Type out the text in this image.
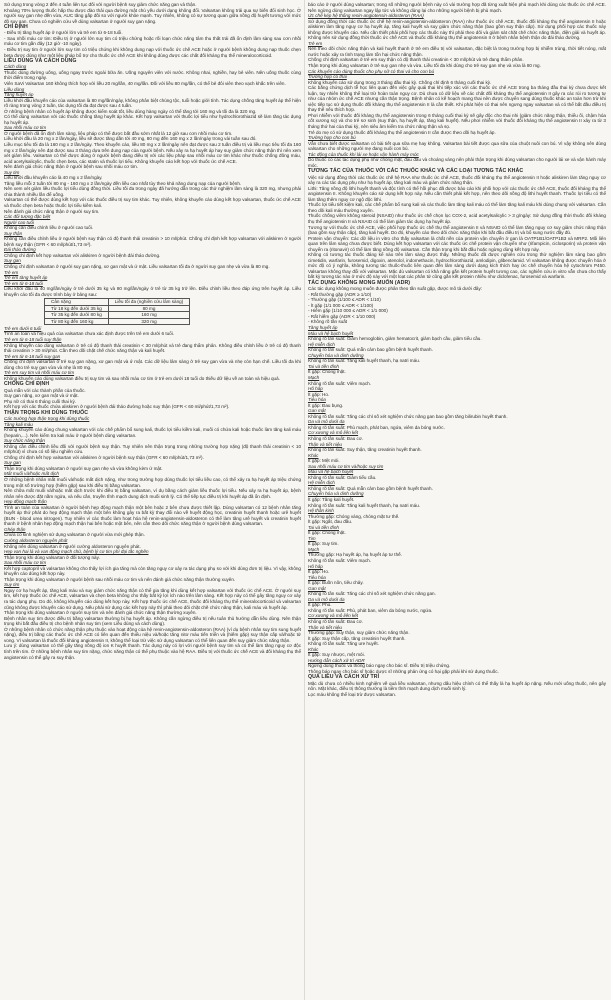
Sử dụng trong vòng 2 đến 4 tuần liên tục đối với người bệnh suy giảm chức năng gan và thận.

Khoảng 70% lượng thuốc hấp thu được đào thải qua đường mật chủ yếu dưới dạng không đổi. Valsartan không trải qua sự biến đổi sinh học. Ở người suy gan nhẹ đến vừa, AUC tăng gấp đôi so với người khỏe mạnh. Tuy nhiên, không có sự tương quan giữa nồng độ huyết tương với mức độ suy gan. Chưa có nghiên cứu về dùng valsartan ở người suy gan nặng.

CHỈ ĐỊNH

- Điều trị tăng huyết áp ở người lớn và trẻ em từ 6-18 tuổi.

- Sau nhồi máu cơ tim: Điều trị ở người lớn suy tim có triệu chứng hoặc rối loạn chức năng tâm thu thất trái đã ổn định lâm sàng sau cơn nhồi máu cơ tim gần đây (12 giờ -10 ngày).

- Điều trị suy tim ở người lớn suy tim có triệu chứng khi không dung nạp với thuốc ức chế ACE hoặc ở người bệnh không dung nạp thuốc chẹn beta được dùng như một liệu pháp bổ trợ cho thuốc ức chế ACE khi không dùng được các chất đối kháng thụ thể mineralocorticoid.

LIỀU DÙNG VÀ CÁCH DÙNG

Cách dùng

Thuốc dùng đường uống, uống ngay trước ngoài bữa ăn. Uống nguyên viên với nước. Không nhai, nghiền, hay bẻ viên. Nên uống thuốc cùng thời điểm trong ngày.

Viên SaVi Valsartan 160 không thích hợp với liều 20 mg/lần, 40 mg/lần. Đối với liều 80 mg/lần, có thể bẻ đôi viên theo vạch khắc trên viên.

Liều dùng

Tăng huyết áp

Liều khởi đầu khuyến cáo của valsartan là 80 mg/lần/ngày, không phân biệt chủng tộc, tuổi hoặc giới tính. Tác dụng chống tăng huyết áp thể hiện rõ ràng trong vòng 2 tuần, tác dụng tối đa đạt được sau 4 tuần.

Ở những bệnh nhân có huyết áp không được kiểm soát tốt, liều dùng hàng ngày có thể tăng tới 160 mg và tối đa là 320 mg.

Có thể dùng valsartan với các thuốc chống tăng huyết áp khác. Kết hợp valsartan với thuốc lợi tiểu như hydrochlorothiazid sẽ làm tăng tác dụng hạ huyết áp.

Sau nhồi máu cơ tim

Ở người bệnh đã ổn định lâm sàng, liệu pháp có thể được bắt đầu sớm nhất là 12 giờ sau cơn nhồi máu cơ tim.

Liều khởi đầu là 20 mg x 2 lần/ngày, liều sẽ được tăng dần tới 40 mg, 80 mg đến 160 mg x 2 lần/ngày trong vài tuần sau đó.

Liều mục tiêu tối đa là 160 mg x 2 lần/ngày. Theo khuyến cáo, liều 80 mg x 2 lần/ngày nên đạt được sau 2 tuần điều trị và liều mục tiêu tối đa 160 mg x 2 lần/ngày nên đạt được sau 3 tháng dựa trên dung nạp của người bệnh. Nếu xảy ra hạ huyết áp hay suy giảm chức năng thận thì nên xem xét giảm liều. Valsartan có thể được dùng ở người bệnh đang điều trị với các liệu pháp sau nhồi máu cơ tim khác như thuốc chống đông máu, acid acetylsalicylic, thuốc chẹn beta, các statin và thuốc lợi tiểu. Không khuyến cáo kết hợp với thuốc ức chế ACE.

Nên đánh giá chức năng thận ở người bệnh sau nhồi máu cơ tim.

Suy tim

Liều khởi đầu khuyến cáo là 40 mg x 2 lần/ngày.

Tăng liều mỗi 2 tuần tới 80 mg - 160 mg x 2 lần/ngày đến liều cao nhất tùy theo khả năng dung nạp của người bệnh.

Nên xem xét giảm liều thuốc lợi tiểu dùng đồng thời. Liều tối đa trong ngày đã hướng dẫn trong các thử nghiệm lâm sàng là 320 mg, nhưng phải chia thành nhiều lần để uống.

Valsartan có thể được dùng kết hợp với các thuốc điều trị suy tim khác. Tuy nhiên, không khuyến cáo dùng kết hợp valsartan, thuốc ức chế ACE và thuốc chẹn beta hoặc thuốc lợi tiểu kiềm kali.

Nên đánh giá chức năng thận ở người suy tim.

Các đối tượng đặc biệt

Người cao tuổi

Không cần điều chỉnh liều ở người cao tuổi.

Suy thận

Không cần điều chỉnh liều ở người bệnh suy thận có độ thanh thải creatinin > 10 ml/phút. Chống chỉ định kết hợp valsartan với aliskiren ở người bệnh suy thận (GFR < 60 ml/phút/1,73 m²).

Đái tháo đường

Chống chỉ định kết hợp valsartan với aliskiren ở người bệnh đái tháo đường.

Suy gan

Chống chỉ định valsartan ở người suy gan nặng, xơ gan mật và ứ mật. Liều valsartan tối đa ở người suy gan nhẹ và vừa là 80 mg.

Trẻ em

Trẻ em tăng huyết áp

Trẻ em từ 6-18 tuổi

Liều khởi đầu là 40 mg/lần/ngày ở trẻ dưới 35 kg và 80 mg/lần/ngày ở trẻ từ 35 kg trở lên. Điều chỉnh liều theo đáp ứng trên huyết áp. Liều khuyến cáo tối đa được trình bày ở bảng sau:

Cân nặng	Liều tối đa (nghiên cứu lâm sàng)
Từ 18 kg đến dưới 35 kg	80 mg
Từ 35 kg đến dưới 80 kg	160 mg
Từ 80 kg đến 160 kg	320 mg

Trẻ em dưới 6 tuổi

Tính an toàn và hiệu quả của valsartan chưa xác định được trên trẻ em dưới 6 tuổi.

Trẻ em từ 6-18 tuổi suy thận

Không khuyến cáo dùng valsartan ở trẻ có độ thanh thải creatinin < 30 ml/phút và trẻ đang thẩm phân. Không điều chỉnh liều ở trẻ có độ thanh thải creatinin > 30 ml/phút. Cần theo dõi chặt chẽ chức năng thận và kali huyết.

Trẻ em từ 6-18 tuổi suy gan

Chống chỉ định valsartan ở trẻ suy gan nặng, xơ gan mật và ứ mật. Các dữ liệu lâm sàng ở trẻ suy gan vừa và nhẹ còn hạn chế. Liều tối đa khi dùng cho trẻ suy gan vừa và nhẹ là 80 mg.

Trẻ em suy tim và nhồi máu cơ tim

Không khuyến cáo dùng valsartan điều trị suy tim và sau nhồi máu cơ tim ở trẻ em dưới 18 tuổi do thiếu dữ liệu về an toàn và hiệu quả.

CHỐNG CHỈ ĐỊNH

Quá mẫn với các thành phần của thuốc.

Suy gan nặng, xơ gan mật và ứ mật.

Phụ nữ có thai 6 tháng cuối thai kỳ.

Kết hợp với các thuốc chứa aliskiren ở người bệnh đái tháo đường hoặc suy thận (GFR < 60 ml/phút/1,73 m²).

THẬN TRỌNG KHI DÙNG THUỐC

Các trường hợp thận trọng khi dùng thuốc

Tăng kali máu

Không khuyến cáo dùng chung valsartan với các chế phẩm bổ sung kali, thuốc lợi tiểu kiềm kali, muối có chứa kali hoặc thuốc làm tăng kali máu (heparin,...). Nên kiểm tra kali máu ở người bệnh dùng valsartan.

Suy chức năng thận

Không cần điều chỉnh liều đối với người bệnh suy thận. Tuy nhiên nên thận trọng trong những trường hợp nặng (độ thanh thải creatinin < 10 ml/phút) vì chưa có số liệu nghiên cứu.

Chống chỉ định kết hợp valsartan với aliskiren ở người bệnh suy thận (GFR < 60 ml/phút/1,73 m²).

Suy gan

Thận trọng khi dùng valsartan ở người suy gan nhẹ và vừa không kèm ứ mật.

Mất muối và/hoặc mất dịch

Ở những bệnh nhân mất muối và/hoặc mất dịch nặng, như trong trường hợp dùng thuốc lợi tiểu liều cao, có thể xảy ra hạ huyết áp triệu chứng trong một số trường hợp (hiếm gặp) sau khi điều trị bằng valsartan.

Nên chữa mất muối và/hoặc mất dịch trước khi điều trị bằng valsartan, ví dụ bằng cách giảm liều thuốc lợi tiểu. Nếu xảy ra hạ huyết áp, bệnh nhân nên được đặt nằm ngửa, và nếu cần, truyền tĩnh mạch dung dịch muối sinh lý. Có thể tiếp tục điều trị khi huyết áp đã ổn định.

Hẹp động mạch thận

Tính an toàn của valsartan ở người bệnh hẹp động mạch thận một bên hoặc 2 bên chưa được thiết lập. Dùng valsartan có 12 bệnh nhân tăng huyết áp thứ phát do hẹp động mạch thận một bên không gây ra bất kỳ thay đổi nào về huyết động học, creatinin huyết thanh hoặc urê huyết (BUN - blood urea nitrogen). Tuy nhiên vì các thuốc làm hoạt hóa hệ renin-angiotensin-aldosteron có thể làm tăng urê huyết và creatinin huyết thanh ở bệnh nhân hẹp động mạch thận hai bên hoặc một bên, nên cần theo dõi chức năng thận ở người bệnh dùng valsartan.

Ghép thận

Chưa có kinh nghiệm sử dụng valsartan ở người vừa mới ghép thận.

Cường aldosteron nguyên phát

Không nên dùng valsartan ở người cường aldosteron nguyên phát.

Hẹp van hai lá và van động mạch chủ, bệnh lý cơ tim phì đại tắc nghẽn

Thận trọng khi dùng valsartan ở đối tượng này.

Sau nhồi máu cơ tim

Kết hợp captopril và valsartan không cho thấy lợi ích gia tăng mà còn tăng nguy cơ xảy ra tác dụng phụ so với khi dùng đơn trị liệu. Vì vậy, không khuyến cáo dùng kết hợp này.

Thận trọng khi dùng valsartan ở người bệnh sau nhồi máu cơ tim và nên đánh giá chức năng thận thường xuyên.

Suy tim

Nguy cơ hạ huyết áp, tăng kali máu và suy giảm chức năng thận có thể gia tăng khi dùng kết hợp valsartan với thuốc ức chế ACE. Ở người suy tim, kết hợp thuốc ức chế ACE, valsartan và chẹn beta không cho thấy bất kỳ lợi ích nào trên lâm sàng. Kết hợp này có thể gây tăng nguy cơ xảy ra tác dụng phụ. Do đó, không khuyến cáo dùng kết hợp này. Kết hợp thuốc ức chế ACE, thuốc đối kháng thụ thể mineralocorticoid và valsartan cũng không được khuyến cáo sử dụng. Nếu phải sử dụng các kết hợp này thì phải theo dõi chặt chẽ chức năng thận, kali máu và huyết áp.

Thận trọng khi dùng valsartan ở người suy tim và nên đánh giá chức năng thận thường xuyên.

Bệnh nhân suy tim được điều trị bằng valsartan thường bị hạ huyết áp. Không cần ngừng điều trị nếu tuân thủ hướng dẫn liều dùng. Nên thận trọng khi bắt đầu điều trị cho bệnh nhân suy tim (xem Liều dùng và cách dùng).

Ở những bệnh nhân có chức năng thận phụ thuộc vào hoạt động của hệ renin-angiotensin-aldosteron (RAA) (ví dụ bệnh nhân suy tim sung huyết nặng), điều trị bằng các thuốc ức chế ACE có liên quan đến thiểu niệu và/hoặc tăng nitơ máu tiến triển và (hiếm gặp) suy thận cấp và/hoặc tử vong. Vì valsartan là thuốc đối kháng angiotensin II, không thể loại trừ việc sử dụng valsartan có thể liên quan đến suy giảm chức năng thận.

Lưu ý: dùng valsartan có thể gây tăng nồng độ ion K huyết thanh. Tác dụng này có lợi với người bệnh suy tim và có thể làm tăng nguy cơ độc tính trên tim. Ở những bệnh nhân suy tim nặng, chức năng thận có thể phụ thuộc vào hệ RAA. Điều trị với thuốc ức chế ACE và đối kháng thụ thể angiotensin có thể gây ra suy thận.

báo cáo ở người dùng valsartan; trong số những người bệnh này có vài trường hợp đã từng xuất hiện phù mạch khi dùng các thuốc ức chế ACE. Nên ngừng dùng valsartan ngay lập tức và không dùng lại cho những người bệnh bị phù mạch.

Ức chế kép hệ thống renin-angiotensin-aldosteron (RAA)

Sử dụng đồng thời các thuốc ức chế hệ renin-angiotensin-aldosteron (RAA) như thuốc ức chế ACE, thuốc đối kháng thụ thể angiotensin II hoặc aliskiren làm tăng nguy cơ hạ huyết áp, tăng kali huyết và suy giảm chức năng thận (bao gồm suy thận cấp). Sử dụng phối hợp các thuốc này không được khuyến cáo. Nếu cần thiết phải phối hợp các thuốc này thì phải theo dõi và giám sát chặt chẽ chức năng thận, điện giải và huyết áp. Không nên sử dụng đồng thời thuốc ức chế ACE và thuốc đối kháng thụ thể angiotensin II ở bệnh nhân bệnh thận do đái tháo đường.

Trẻ em

Nên theo dõi chức năng thận và kali huyết thanh ở trẻ em điều trị với valsartan, đặc biệt là trong trường hợp bị nhiễm trùng, thời tiết nóng, mất nước hoặc xảy ra tình trạng làm tổn hại chức năng thận.

Chống chỉ định valsartan ở trẻ em suy thận có độ thanh thải creatinin < 30 ml/phút và trẻ đang thẩm phân.

Thận trọng khi dùng valsartan ở trẻ suy gan nhẹ và vừa. Liều tối đa khi dùng cho trẻ suy gan nhẹ và vừa là 80 mg.

Các khuyến cáo dùng thuốc cho phụ nữ có thai và cho con bú

Trường hợp có thai

Không khuyến cáo sử dụng trong 3 tháng đầu thai kỳ. Chống chỉ định 6 tháng cuối thai kỳ.

Các bằng chứng dịch tễ học liên quan đến việc gây quái thai khi tiếp xúc với các thuốc ức chế ACE trong ba tháng đầu thai kỳ chưa được kết luận, tuy nhiên không thể loại trừ hoàn toàn nguy cơ. Dù chưa có dữ liệu về các chất đối kháng thụ thể angiotensin II gây ra các rủi ro tương tự như của nhóm ức chế ACE nhưng cần thận trọng. Bệnh nhân có kế hoạch mang thai nên được chuyển sang dùng thuốc khác an toàn hơn trừ khi việc tiếp tục sử dụng thuốc đối kháng thụ thể angiotensin II là cần thiết. Khi phát hiện có thai nên ngưng ngay valsartan và có thể bắt đầu điều trị thay thế nếu thích hợp.

Phơi nhiễm với thuốc đối kháng thụ thể angiotensin trong 6 tháng cuối thai kỳ sẽ gây độc cho thai nhi (giảm chức năng thận, thiểu ối, chậm hóa cốt xương sọ) và cho trẻ sơ sinh (suy thận, hạ huyết áp, tăng kali huyết). Nếu phơi nhiễm với thuốc đối kháng thụ thể angiotensin II xảy ra từ 3 tháng thứ hai của thai kỳ, nên siêu âm kiểm tra chức năng thận và sọ.

Trẻ do mẹ có sử dụng thuốc đối kháng thụ thể angiotensin II cần được theo dõi hạ huyết áp.

Trường hợp cho con bú

Vẫn chưa biết được valsartan có bài tiết qua sữa mẹ hay không. Valsartan bài tiết được qua sữa của chuột nuôi con bú. Vì vậy không nên dùng valsartan cho những người mẹ đang nuôi con bú.

Tác động của thuốc khi lái xe hoặc vận hành máy móc

Do thuốc có các tác dụng phụ như chóng mặt, đau đầu và choáng váng nên phải thận trọng khi dùng valsartan cho người lái xe và vận hành máy móc.

TƯƠNG TÁC CỦA THUỐC VỚI CÁC THUỐC KHÁC VÀ CÁC LOẠI TƯƠNG TÁC KHÁC

Việc sử dụng đồng thời các thuốc ức chế hệ RAA như thuốc ức chế ACE, thuốc đối kháng thụ thể angiotensin II hoặc aliskiren làm tăng nguy cơ xảy ra các tác dụng phụ như hạ huyết áp, tăng kali máu và giảm chức năng thận.

Lithi: Tăng nồng độ lithi huyết thanh và độc tính có thể hồi phục đã được báo cáo khi phối hợp với các thuốc ức chế ACE, thuốc đối kháng thụ thể angiotensin II. Không khuyến cáo sử dụng kết hợp này. Nếu cần thiết phải kết hợp, nên theo dõi nồng độ lithi huyết thanh. Thuốc lợi tiểu có thể làm tăng thêm nguy cơ ngộ độc lithi.

Thuốc lợi tiểu tiết kiệm kali, các chế phẩm bổ sung kali và các thuốc làm tăng kali máu có thể làm tăng kali máu khi dùng chung với valsartan. Cần theo dõi kali máu thường xuyên.

Thuốc chống viêm không steroid (NSAID) như thuốc ức chế chọn lọc COX-2, acid acetylsalicylic > 3 g/ngày: Sử dụng đồng thời thuốc đối kháng thụ thể angiotensin II và NSAID có thể làm giảm tác dụng hạ huyết áp.

Tương tự với thuốc ức chế ACE, việc phối hợp thuốc ức chế thụ thể angiotensin II và NSAID có thể làm tăng nguy cơ suy giảm chức năng thận (bao gồm suy thận cấp), tăng kali huyết. Do đó, khuyến cáo theo dõi chức năng thận khi bắt đầu điều trị và bổ sung nước đầy đủ.

Protein vận chuyển: Các dữ liệu in vitro cho thấy valsartan là chất nền của protein vận chuyển ở gan là OATP1B1/OATP1B3 và MRP2. Mối liên quan trên lâm sàng chưa được biết. Dùng kết hợp valsartan với các thuốc ức chế protein vận chuyển như (rifampicin, ciclosporin) và protein vận chuyển ra (ritonavir) có thể làm tăng nồng độ valsartan. Cần thận trọng khi bắt đầu hoặc ngừng dùng kết hợp này.

Không có tương tác thuốc đáng kể nào trên lâm sàng được thấy. Những thuốc đã được nghiên cứu trong thử nghiệm lâm sàng bao gồm cimetidin, warfarin, furosemid, digoxin, atenolol, indomethacin, hydrochlorothiazid, amlodipin, glibenclamid. Vì valsartan không được chuyển hóa ở mức độ có ý nghĩa, không tương tác thuốc-thuốc liên quan đến lâm sàng dưới dạng kích thích hay ức chế chuyển hóa hệ cytochrom P450. Valsartan không thay đổi với valsartan. Mặc dù valsartan có khả năng gắn kết protein huyết tương cao, các nghiên cứu in vitro vẫn chưa cho thấy bất kỳ tương tác nào ở mức độ này với một loạt các phân tử cũng gắn kết protein nhiều như diclofenac, furosemid và warfarin.

TÁC DỤNG KHÔNG MONG MUỐN (ADR)

Các tác dụng không mong muốn được phân theo tần suất gặp, được mô tả dưới đây:

- Rất thường gặp (ADR ≥ 1/10)

- Thường gặp (1/100 ≤ ADR < 1/10)

- Ít gặp (1/1 000 ≤ ADR < 1/100)

- Hiếm gặp (1/10 000 ≤ ADR < 1/1 000)

- Rất hiếm gặp (ADR < 1/10 000)

- Không rõ tần suất

Tăng huyết áp

Máu và hệ bạch huyết

Không rõ tần suất: Giảm hemoglobin, giảm hematocrit, giảm bạch cầu, giảm tiểu cầu.

Hệ miễn dịch

Không rõ tần suất: Quá mẫn cảm bao gồm bệnh huyết thanh.

Chuyển hóa và dinh dưỡng

Không rõ tần suất: Tăng kali huyết thanh, hạ natri máu.

Tai và tiền đình

Ít gặp: Chóng mặt.

Mạch

Không rõ tần suất: Viêm mạch.

Hô hấp

Ít gặp: Ho.

Tiêu hóa

Ít gặp: Đau bụng.

Gan mật

Không rõ tần suất: Tăng các chỉ số xét nghiệm chức năng gan bao gồm tăng bilirubin huyết thanh.

Da và mô dưới da

Không rõ tần suất: Phù mạch, phát ban, ngứa, viêm da bóng nước.

Cơ xương và mô liên kết

Không rõ tần suất: Đau cơ.

Thận và tiết niệu

Không rõ tần suất: Suy thận, tăng creatinin huyết thanh.

Khác

Ít gặp: Mệt mỏi.

Sau nhồi máu cơ tim và/hoặc suy tim

Máu và hệ bạch huyết

Không rõ tần suất: Giảm tiểu cầu.

Hệ miễn dịch

Không rõ tần suất: Quá mẫn cảm bao gồm bệnh huyết thanh.

Chuyển hóa và dinh dưỡng

Ít gặp: Tăng kali huyết.

Không rõ tần suất: Tăng kali huyết thanh, hạ natri máu.

Hệ thần kinh

Thường gặp: Chóng váng, chóng mặt tư thế.

Ít gặp: Ngất, đau đầu.

Tai và tiền đình

Ít gặp: Chóng mặt.

Tim

Ít gặp: Suy tim.

Mạch

Thường gặp: Hạ huyết áp, hạ huyết áp tư thế.

Không rõ tần suất: Viêm mạch.

Hô hấp

Ít gặp: Ho.

Tiêu hóa

Ít gặp: Buồn nôn, tiêu chảy.

Gan mật

Không rõ tần suất: Tăng các chỉ số xét nghiệm chức năng gan.

Da và mô dưới da

Ít gặp: Phù.

Không rõ tần suất: Phù, phát ban, viêm da bóng nước, ngứa.

Cơ xương và mô liên kết

Không rõ tần suất: Đau cơ.

Thận và tiết niệu

Thường gặp: Suy thận, suy giảm chức năng thận.

Ít gặp: Suy thận cấp, tăng creatinin huyết thanh.

Không rõ tần suất: Tăng ure huyết.

Khác

Ít gặp: Suy nhược, mệt mỏi.

Hướng dẫn cách xử trí ADR

Ngừng dùng thuốc và thông báo ngay cho bác sĩ. Điều trị triệu chứng.

Thông báo ngay cho bác sĩ hoặc dược sĩ những phản ứng có hại gặp phải khi sử dụng thuốc.

QUÁ LIỀU VÀ CÁCH XỬ TRÍ

Mặc dù chưa có nhiều kinh nghiệm về quá liều valsartan, nhưng dấu hiệu chính có thể thấy là hạ huyết áp nặng. Nếu mới uống thuốc, nên gây nôn. Mặt khác, điều trị thông thường là tiêm tĩnh mạch dung dịch muối sinh lý.

Lọc máu không thể loại trừ được valsartan.
